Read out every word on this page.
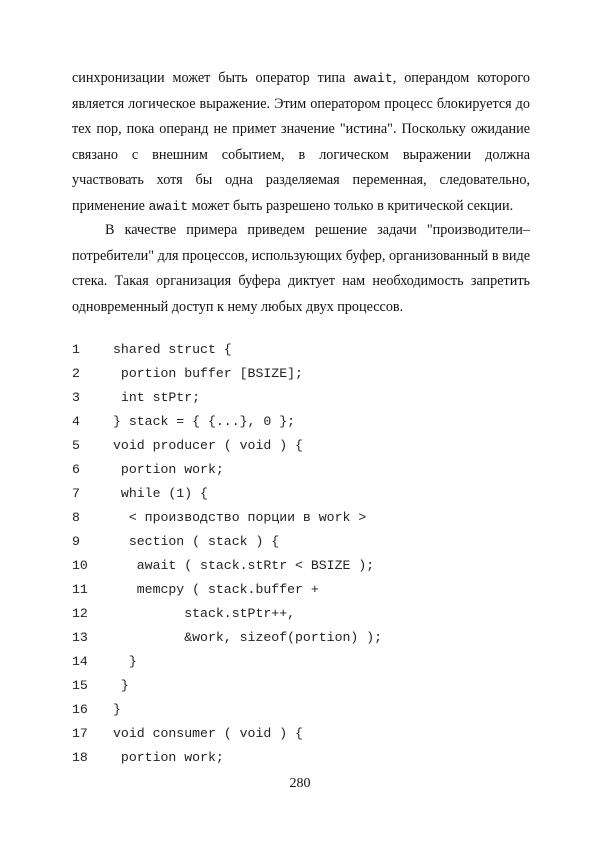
синхронизации может быть оператор типа await, операндом которого
является логическое выражение. Этим оператором процесс блокируется до
тех пор, пока операнд не примет значение "истина". Поскольку ожидание
связано с внешним событием, в логическом выражении должна
участвовать хотя бы одна разделяемая переменная, следовательно,
применение await может быть разрешено только в критической секции.
В качестве примера приведем решение задачи "производители–
потребители" для процессов, использующих буфер, организованный в виде
стека. Такая организация буфера диктует нам необходимость запретить
одновременный доступ к нему любых двух процессов.
1	shared struct {
2	portion buffer [BSIZE];
3	int stPtr;
4	} stack = { {...}, 0 };
5	void producer ( void ) {
6	portion work;
7	while (1) {
8	< производство порции в work >
9	section ( stack ) {
10	await ( stack.stRtr < BSIZE );
11	memcpy ( stack.buffer +
12	stack.stPtr++,
13	&work, sizeof(portion) );
14	}
15	}
16	}
17	void consumer ( void ) {
18	portion work;
280
